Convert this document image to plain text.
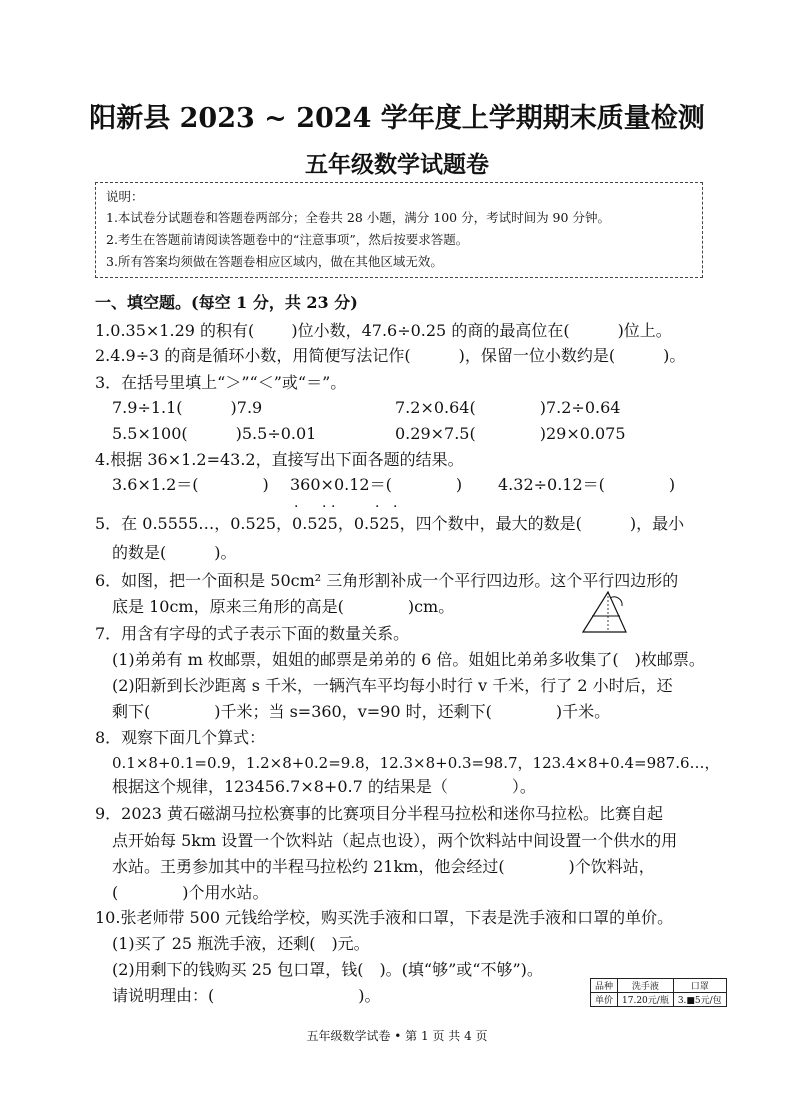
阳新县 2023 ~ 2024 学年度上学期期末质量检测
五年级数学试题卷
说明：
1.本试卷分试题卷和答题卷两部分；全卷共 28 小题，满分 100 分，考试时间为 90 分钟。
2.考生在答题前请阅读答题卷中的“注意事项”，然后按要求答题。
3.所有答案均须做在答题卷相应区域内，做在其他区域无效。
一、填空题。(每空 1 分，共 23 分)
1.0.35×1.29 的积有(　　 )位小数，47.6÷0.25 的商的最高位在(　　　)位上。
2.4.9÷3 的商是循环小数，用简便写法记作(　　　)，保留一位小数约是(　　　)。
3．在括号里填上“＞”“＜”或“＝”。
7.9÷1.1(　　　)7.9	7.2×0.64(　　　　)7.2÷0.64
5.5×100(　　　)5.5÷0.01	0.29×7.5(　　　　)29×0.075
4.根据 36×1.2=43.2，直接写出下面各题的结果。
3.6×1.2＝(　　　　) 360×0.12＝(　　　　) 4.32÷0.12＝(　　　　)
· · ·	· ·
5．在 0.5555…，0.525，0.525，0.525，四个数中，最大的数是(　　　)，最小
的数是(　　　)。
6．如图，把一个面积是 50cm² 三角形割补成一个平行四边形。这个平行四边形的
底是 10cm，原来三角形的高是(　　　　)cm。
7．用含有字母的式子表示下面的数量关系。
(1)弟弟有 m 枚邮票，姐姐的邮票是弟弟的 6 倍。姐姐比弟弟多收集了(　)枚邮票。
(2)阳新到长沙距离 s 千米，一辆汽车平均每小时行 v 千米，行了 2 小时后，还
剩下(　　　　)千米；当 s=360，v=90 时，还剩下(　　　　)千米。
8．观察下面几个算式：
0.1×8+0.1=0.9，1.2×8+0.2=9.8，12.3×8+0.3=98.7，123.4×8+0.4=987.6…，
根据这个规律，123456.7×8+0.7 的结果是（　　　　）。
9．2023 黄石磁湖马拉松赛事的比赛项目分半程马拉松和迷你马拉松。比赛自起
点开始每 5km 设置一个饮料站（起点也设），两个饮料站中间设置一个供水的用
水站。王勇参加其中的半程马拉松约 21km，他会经过(　　　　)个饮料站，
(　　　　)个用水站。
10.张老师带 500 元钱给学校，购买洗手液和口罩，下表是洗手液和口罩的单价。
(1)买了 25 瓶洗手液，还剩(　)元。
(2)用剩下的钱购买 25 包口罩，钱(　)。(填“够”或“不够”)。
请说明理由：(　　　　　　　　　)。	品种	洗手液	口罩
单价	17.20元/瓶	3.■5元/包
五年级数学试卷 • 第 1 页 共 4 页
